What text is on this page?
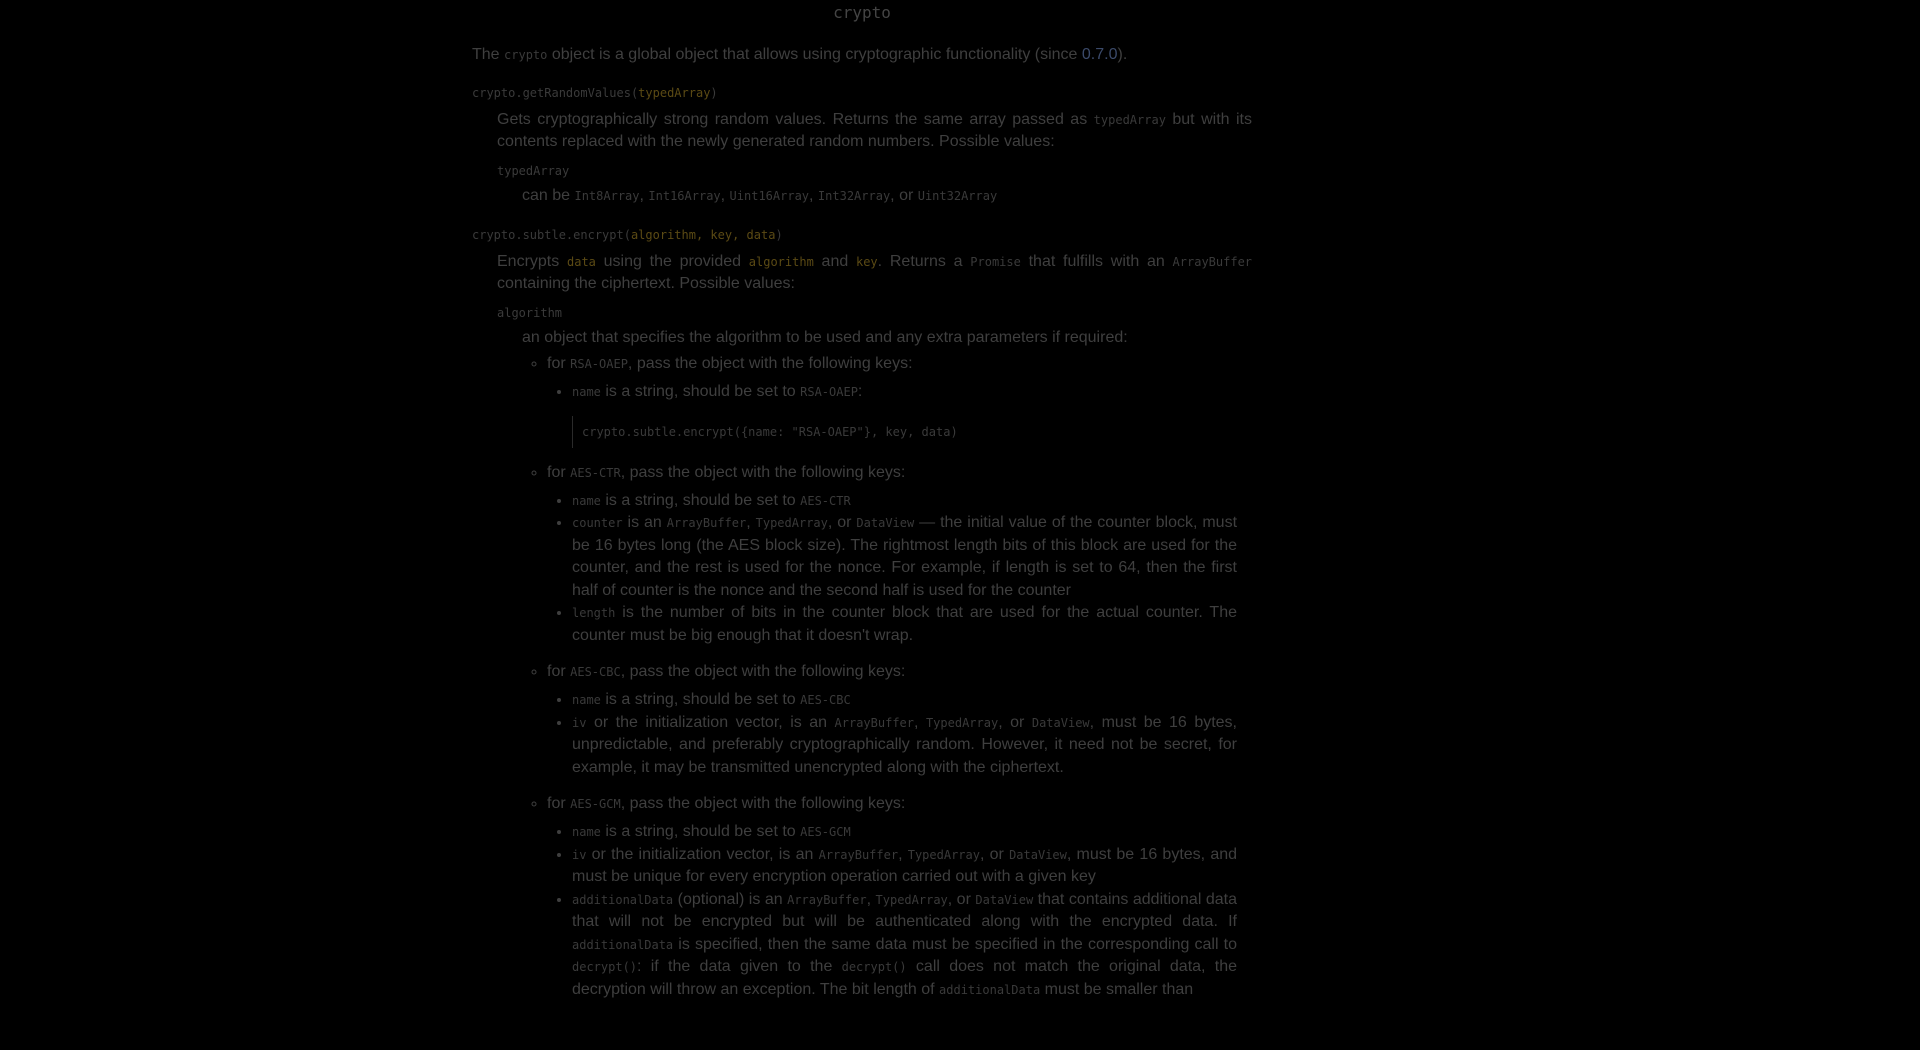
crypto

The crypto object is a global object that allows using cryptographic functionality (since 0.7.0).

crypto.getRandomValues(typedArray)

Gets cryptographically strong random values. Returns the same array passed as typedArray but with its contents replaced with the newly generated random numbers. Possible values:

typedArray

can be Int8Array, Int16Array, Uint16Array, Int32Array, or Uint32Array

crypto.subtle.encrypt(algorithm, key, data)

Encrypts data using the provided algorithm and key. Returns a Promise that fulfills with an ArrayBuffer containing the ciphertext. Possible values:

algorithm

an object that specifies the algorithm to be used and any extra parameters if required:

◦ for RSA-OAEP, pass the object with the following keys:
• name is a string, should be set to RSA-OAEP:
crypto.subtle.encrypt({name: "RSA-OAEP"}, key, data)
◦ for AES-CTR, pass the object with the following keys:
• name is a string, should be set to AES-CTR
• counter is an ArrayBuffer, TypedArray, or DataView — the initial value of the counter block, must be 16 bytes long (the AES block size). The rightmost length bits of this block are used for the counter, and the rest is used for the nonce. For example, if length is set to 64, then the first half of counter is the nonce and the second half is used for the counter
• length is the number of bits in the counter block that are used for the actual counter. The counter must be big enough that it doesn't wrap.
◦ for AES-CBC, pass the object with the following keys:
• name is a string, should be set to AES-CBC
• iv or the initialization vector, is an ArrayBuffer, TypedArray, or DataView, must be 16 bytes, unpredictable, and preferably cryptographically random. However, it need not be secret, for example, it may be transmitted unencrypted along with the ciphertext.
◦ for AES-GCM, pass the object with the following keys:
• name is a string, should be set to AES-GCM
• iv or the initialization vector, is an ArrayBuffer, TypedArray, or DataView, must be 16 bytes, and must be unique for every encryption operation carried out with a given key
• additionalData (optional) is an ArrayBuffer, TypedArray, or DataView that contains additional data that will not be encrypted but will be authenticated along with the encrypted data. If additionalData is specified, then the same data must be specified in the corresponding call to decrypt(): if the data given to the decrypt() call does not match the original data, the decryption will throw an exception. The bit length of additionalData must be smaller than
